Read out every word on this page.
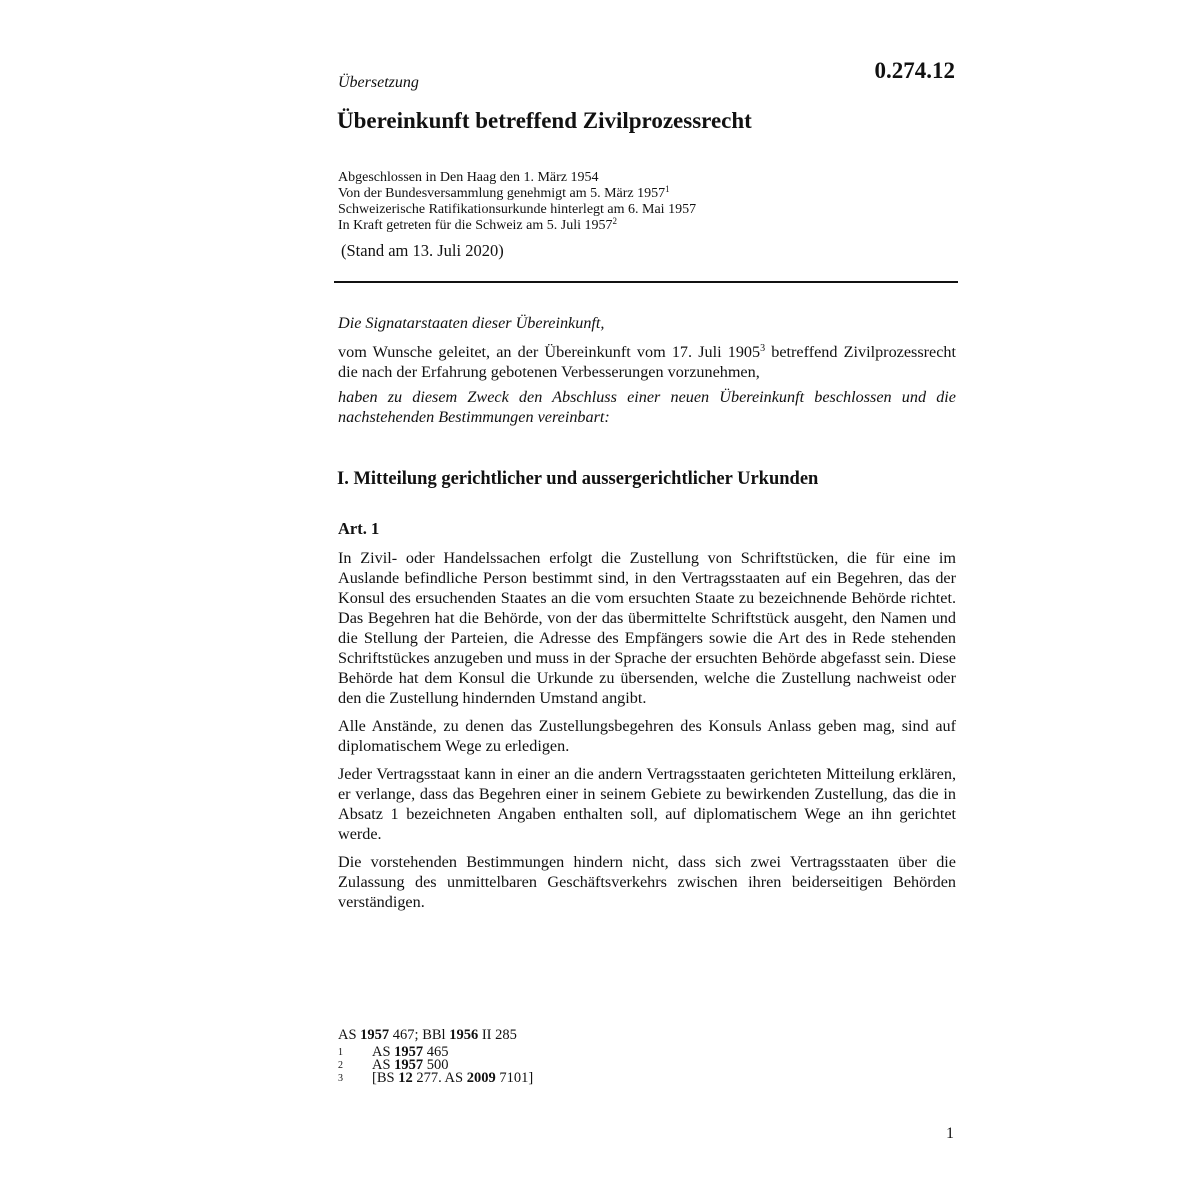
0.274.12
Übersetzung
Übereinkunft betreffend Zivilprozessrecht
Abgeschlossen in Den Haag den 1. März 1954
Von der Bundesversammlung genehmigt am 5. März 1957$^1$
Schweizerische Ratifikationsurkunde hinterlegt am 6. Mai 1957
In Kraft getreten für die Schweiz am 5. Juli 1957$^2$
(Stand am 13. Juli 2020)
Die Signatarstaaten dieser Übereinkunft,
vom Wunsche geleitet, an der Übereinkunft vom 17. Juli 1905$^3$ betreffend Zivilprozessrecht die nach der Erfahrung gebotenen Verbesserungen vorzunehmen,
haben zu diesem Zweck den Abschluss einer neuen Übereinkunft beschlossen und die nachstehenden Bestimmungen vereinbart:
I. Mitteilung gerichtlicher und aussergerichtlicher Urkunden
Art. 1

In Zivil- oder Handelssachen erfolgt die Zustellung von Schriftstücken, die für eine im Auslande befindliche Person bestimmt sind, in den Vertragsstaaten auf ein Begehren, das der Konsul des ersuchenden Staates an die vom ersuchten Staate zu bezeichnende Behörde richtet. Das Begehren hat die Behörde, von der das übermittelte Schriftstück ausgeht, den Namen und die Stellung der Parteien, die Adresse des Empfängers sowie die Art des in Rede stehenden Schriftstückes anzugeben und muss in der Sprache der ersuchten Behörde abgefasst sein. Diese Behörde hat dem Konsul die Urkunde zu übersenden, welche die Zustellung nachweist oder den die Zustellung hindernden Umstand angibt.

Alle Anstände, zu denen das Zustellungsbegehren des Konsuls Anlass geben mag, sind auf diplomatischem Wege zu erledigen.

Jeder Vertragsstaat kann in einer an die andern Vertragsstaaten gerichteten Mitteilung erklären, er verlange, dass das Begehren einer in seinem Gebiete zu bewirkenden Zustellung, das die in Absatz 1 bezeichneten Angaben enthalten soll, auf diplomatischem Wege an ihn gerichtet werde.

Die vorstehenden Bestimmungen hindern nicht, dass sich zwei Vertragsstaaten über die Zulassung des unmittelbaren Geschäftsverkehrs zwischen ihren beiderseitigen Behörden verständigen.

AS 1957 467; BBl 1956 II 285
1	AS 1957 465
2	AS 1957 500
3	[BS 12 277. AS 2009 7101]
1
